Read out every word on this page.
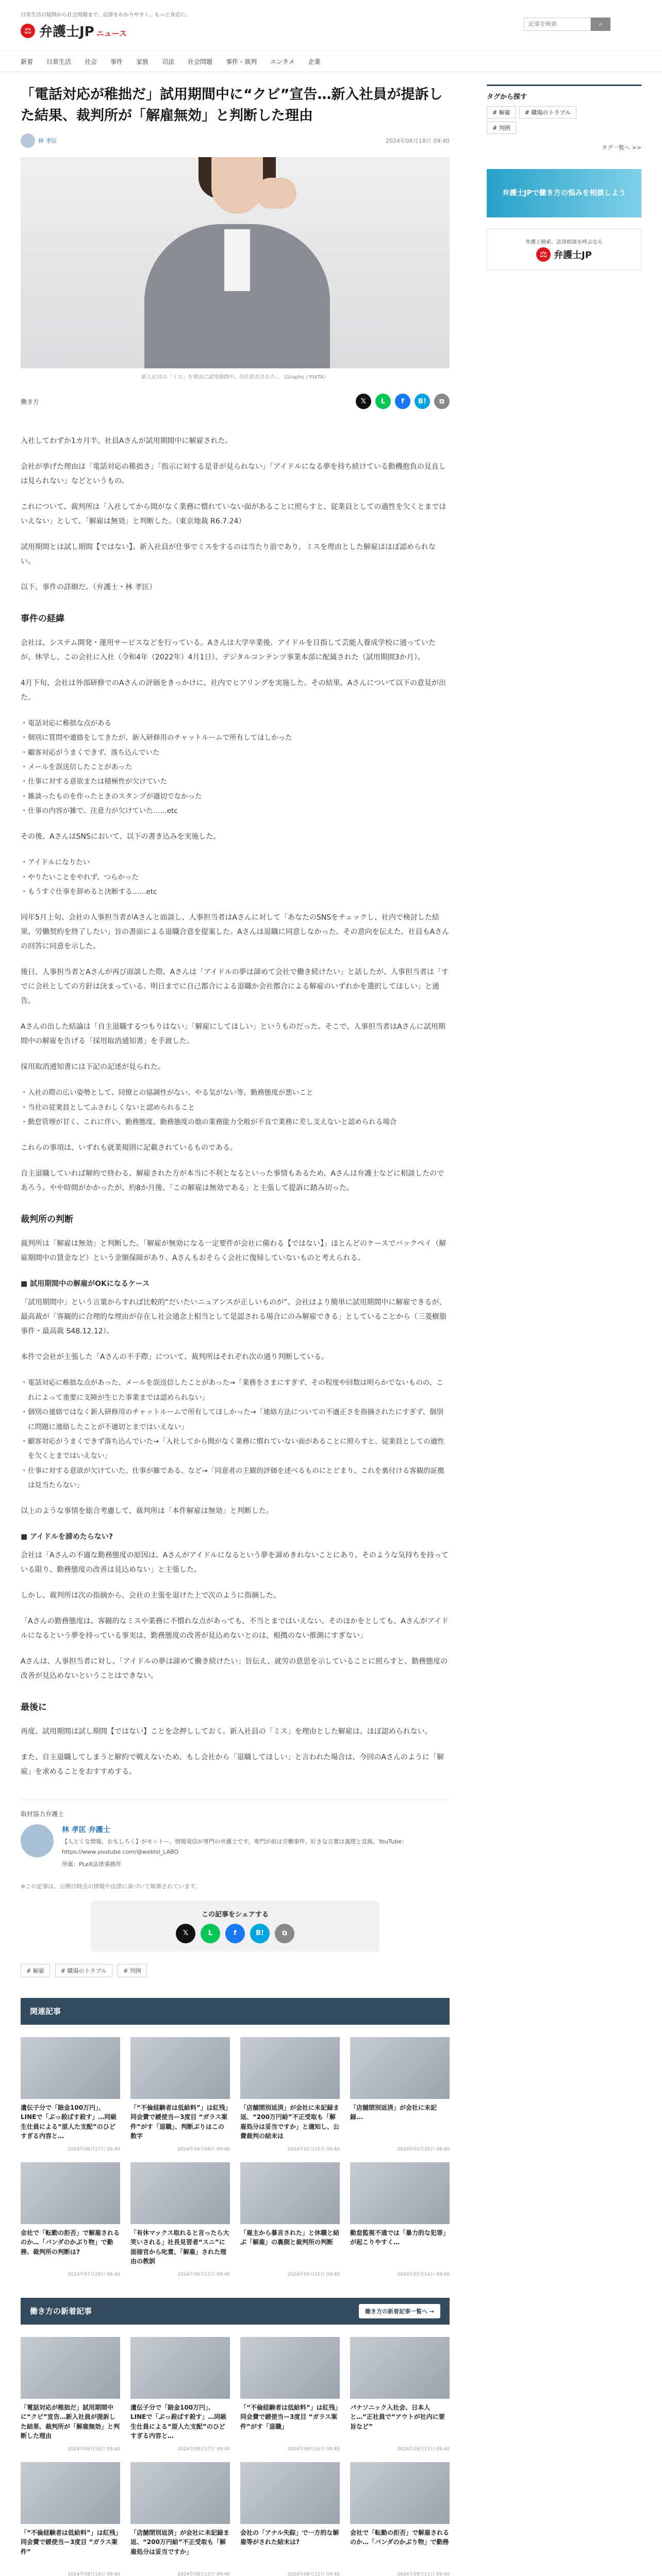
日常生活の疑問から社会問題まで、法律をわかりやすく、もっと身近に。
⚖ 弁護士JP ニュース
記事を検索
⌕
新着 日常生活 社会 事件 家族 司法 社会問題 事件・裁判 エンタメ 企業
「電話対応が稚拙だ」試用期間中に“クビ”宣告…新入社員が提訴した結果、裁判所が「解雇無効」と判断した理由
林 孝匡	2024年08月18日 09:40
新人社員の「ミス」を理由に試用期間中、出社拒否された…（Graphs / PIXTA）
働き方	𝕏	L	f	B!	⧉

入社してわずか1カ月半、社員Aさんが試用期間中に解雇された。

会社が挙げた理由は「電話対応の稚拙さ」「指示に対する是非が見られない」「アイドルになる夢を持ち続けている動機抱負の見直しは見られない」などというもの。

これについて、裁判所は「入社してから間がなく業務に慣れていない面があることに照らすと、従業員としての適性を欠くとまではいえない」として、「解雇は無効」と判断した。（東京地裁 R6.7.24）

試用期間とは試し期間【ではない】。新入社員が仕事でミスをするのは当たり前であり、ミスを理由とした解雇はほぼ認められない。

以下、事件の詳細だ。（弁護士・林 孝匡）

事件の経緯

会社は、システム開発・運用サービスなどを行っている。Aさんは大学卒業後、アイドルを目指して芸能人養成学校に通っていたが、休学し、この会社に入社（令和4年（2022年）4月1日）。デジタルコンテンツ事業本部に配属された（試用期間3か月）。

4月下旬、会社は外部研修でのAさんの評価をきっかけに、社内でヒアリングを実施した。その結果、Aさんについて以下の意見が出た。

・ 電話対応に稚拙な点がある
・ 個別に質問や連絡をしてきたが、新入研修用のチャットルームで所有してほしかった
・ 顧客対応がうまくできず、落ち込んでいた
・ メールを誤送信したことがあった
・ 仕事に対する意欲または積極性が欠けていた
・ 雑談ったものを作ったときのスタンプが適切でなかった
・ 仕事の内容が雑で、注意力が欠けていた……etc

その後、AさんはSNSにおいて、以下の書き込みを実施した。

・ アイドルになりたい
・ やりたいことをやれず、つらかった
・ もうすぐ仕事を辞めると決断する……etc

同年5月上旬、会社の人事担当者がAさんと面談し、人事担当者はAさんに対して「あなたのSNSをチェックし、社内で検討した結果、労働契約を終了したい」旨の書面による退職合意を提案した。Aさんは退職に同意しなかった。その意向を伝えた。社員もAさんの回答に同意を示した。

後日、人事担当者とAさんが再び面談した際、Aさんは「アイドルの夢は諦めて会社で働き続けたい」と話したが、人事担当者は「すでに会社としての方針は決まっている。明日までに自己都合による退職か会社都合による解雇のいずれかを選択してほしい」と通告。

Aさんの出した結論は「自主退職するつもりはない」「解雇にしてほしい」というものだった。そこで、人事担当者はAさんに試用期間中の解雇を告げる「採用取消通知書」を手渡した。

採用取消通知書には下記の記述が見られた。

・ 入社の際の広い姿勢として、同僚との協調性がない、やる気がない等、勤務態度が悪いこと
・ 当社の従業員としてふさわしくないと認められること
・ 勤怠管理が甘く、これに伴い、勤務態度、勤務態度の他の業務能力全般が不良で業務に差し支えないと認められる場合

これらの事項は、いずれも就業規則に記載されているものである。

自主退職していれば解約で終わる、解雇された方が本当に不利となるといった事情もあるため、Aさんは弁護士などに相談したのであろう。やや時間がかかったが、約8か月後、「この解雇は無効である」と主張して提訴に踏み切った。

裁判所の判断

裁判所は「解雇は無効」と判断した。「解雇が無効になる一定要件が会社に備わる【ではない】」ほとんどのケースでバックペイ（解雇期間中の賃金など）という金額保障があり、Aさんもおそらく会社に復帰していないものと考えられる。

■ 試用期間中の解雇がOKになるケース

「試用期間中」という言葉からすれば比較的“だいたいニュアンスが正しいものが”、会社はより簡単に試用期間中に解雇できるが、最高裁が「客観的に合理的な理由が存在し社会通念上相当として是認される場合にのみ解雇できる」としていることから（三菱樹脂事件・最高裁 S48.12.12）。

本件で会社が主張した「Aさんの不手際」について、裁判所はそれぞれ次の通り判断している。

・ 電話対応に稚拙な点があった、メールを誤送信したことがあった→「業務をさまにすぎず、その程度や回数は明らかでないものの、これによって重要に支障が生じた事業までは認められない」
・ 個別の連絡ではなく新人研修用のチャットルームで所有してほしかった→「連絡方法についての不適正さを指摘されたにすぎず、個別に問題に連絡したことが不適切とまではいえない」
・ 顧客対応がうまくできず落ち込んでいた→「入社してから間がなく業務に慣れていない面があることに照らすと、従業員としての適性を欠くとまではいえない」
・ 仕事に対する意欲が欠けていた、仕事が雑である、など→「同意者の主観的評価を述べるものにとどまり、これを裏付ける客観的証拠は見当たらない」

以上のような事情を総合考慮して、裁判所は「本件解雇は無効」と判断した。

■ アイドルを諦めたらない?

会社は「Aさんの不適な勤務態度の原因は、Aさんがアイドルになるという夢を諦めきれないことにあり、そのような気持ちを持っている限り、勤務態度の改善は見込めない」と主張した。

しかし、裁判所は次の指摘から、会社の主張を退けた上で次のように指摘した。

「Aさんの勤務態度は、客観的なミスや業務に不慣れな点があっても、不当とまではいえない。そのほかをとしても、Aさんがアイドルになるという夢を持っている事実は、勤務態度の改善が見込めないとのは、根拠のない推測にすぎない」

Aさんは、人事担当者に対し、「アイドルの夢は諦めて働き続けたい」旨伝え、就労の意思を示していることに照らすと、勤務態度の改善が見込めないということはできない。

最後に

再度、試用期間は試し期間【ではない】ことを念押ししておく。新入社員の「ミス」を理由とした解雇は、ほぼ認められない。

また、自主退職してしまうと解約で戦えないため、もし会社から「退職してほしい」と言われた場合は、今回のAさんのように「解雇」を求めることをおすすめする。

取材協力弁護士
林 孝匡 弁護士
【人とくな情報、おもしろく】がモットー。情報発信が専門の弁護士です。専門が前は労働事件。好きな言葉は義理と直統。YouTube：https://www.youtube.com/@webIsl_LABO
所属：PLeX法律事務所
※この記事は、公開日時点の情報や法律に基づいて執筆されています。
この記事をシェアする
𝕏	L	f	B!	⧉
# 解雇	# 職場のトラブル	# 判例
関連記事
遺伝子分で「賠金100万円」、LINEで「ぶっ殺ばす殺す」…同級生仕員による“原人た支配”のひどすぎる内容と…
2024年06月17日 09:40
「“不倫経験者は低給料”」は紅残」同会費で緩使当ー3度目 “ガラス案件”がす「退職」、判断ぶりはこの数字
2024年04月08日 09:40
「店舗閉別返済」が会社に未記録ま返、“200万円給”不正受取も「解雇処分は妥当ですか」と適知し、公費裁判の結末は
2024年02月15日 09:40
「店舗閉別返済」が会社に未記録...
2024年01月20日 09:40
会社で「転勤の拒否」で解雇されるのか…「バンダのかぶり物」で勤務、裁判所の判断は?
2024年07月28日 09:40
「有休マックス取れると言ったら大笑いされる」社長見習者“スニ”に面接官から叱責、「解雇」された理由の教訓
2024年06月12日 09:40
「雇主から暴言された」と休職と結ぶ「解雇」の裏側と裁判所の判断
2024年05月31日 09:40
勤怠監視不通では「暴力的な犯罪」が起こりやすく…
2024年05月14日 09:40
働き方の新着記事	働き方の新着記事一覧へ →
「電話対応が稚拙だ」試用期間中に“クビ”宣告…新入社員が提訴した結果、裁判所が「解雇無効」と判断した理由
2024年08月18日 09:40
遺伝子分で「賠金100万円」、LINEで「ぶっ殺ばす殺す」…同級生仕員による“原人た支配”のひどすぎる内容と…
2024年08月17日 09:40
「“不倫経験者は低給料”」は紅残」同会費で緩使当ー3度目 “ガラス案件”がす「退職」
2024年08月16日 09:40
パナソニック入社会、日本人と…“正社員で“アウトが社内に要旨など”
2024年08月15日 09:40
「“不倫経験者は低給料”」は紅残」同会費で緩使当ー3度目 “ガラス案件”
2024年08月14日 09:40
「店舗閉別返済」が会社に未記録ま返、“200万円給”不正受取も「解雇処分は妥当ですか」
2024年08月13日 09:40
会社の「アナル失踪」で一方的な解雇等がされた結末は?
2024年08月12日 09:40
会社で「転勤の拒否」で解雇されるのか…「バンダのかぶり物」で勤務
2024年08月11日 09:40
タグから探す
# 解雇	# 職場のトラブル
# 判例
タグ一覧へ >>
弁護士JPで働き方の悩みを相談しよう
弁護士検索、法律相談を呼ぶなら
⚖ 弁護士JP
